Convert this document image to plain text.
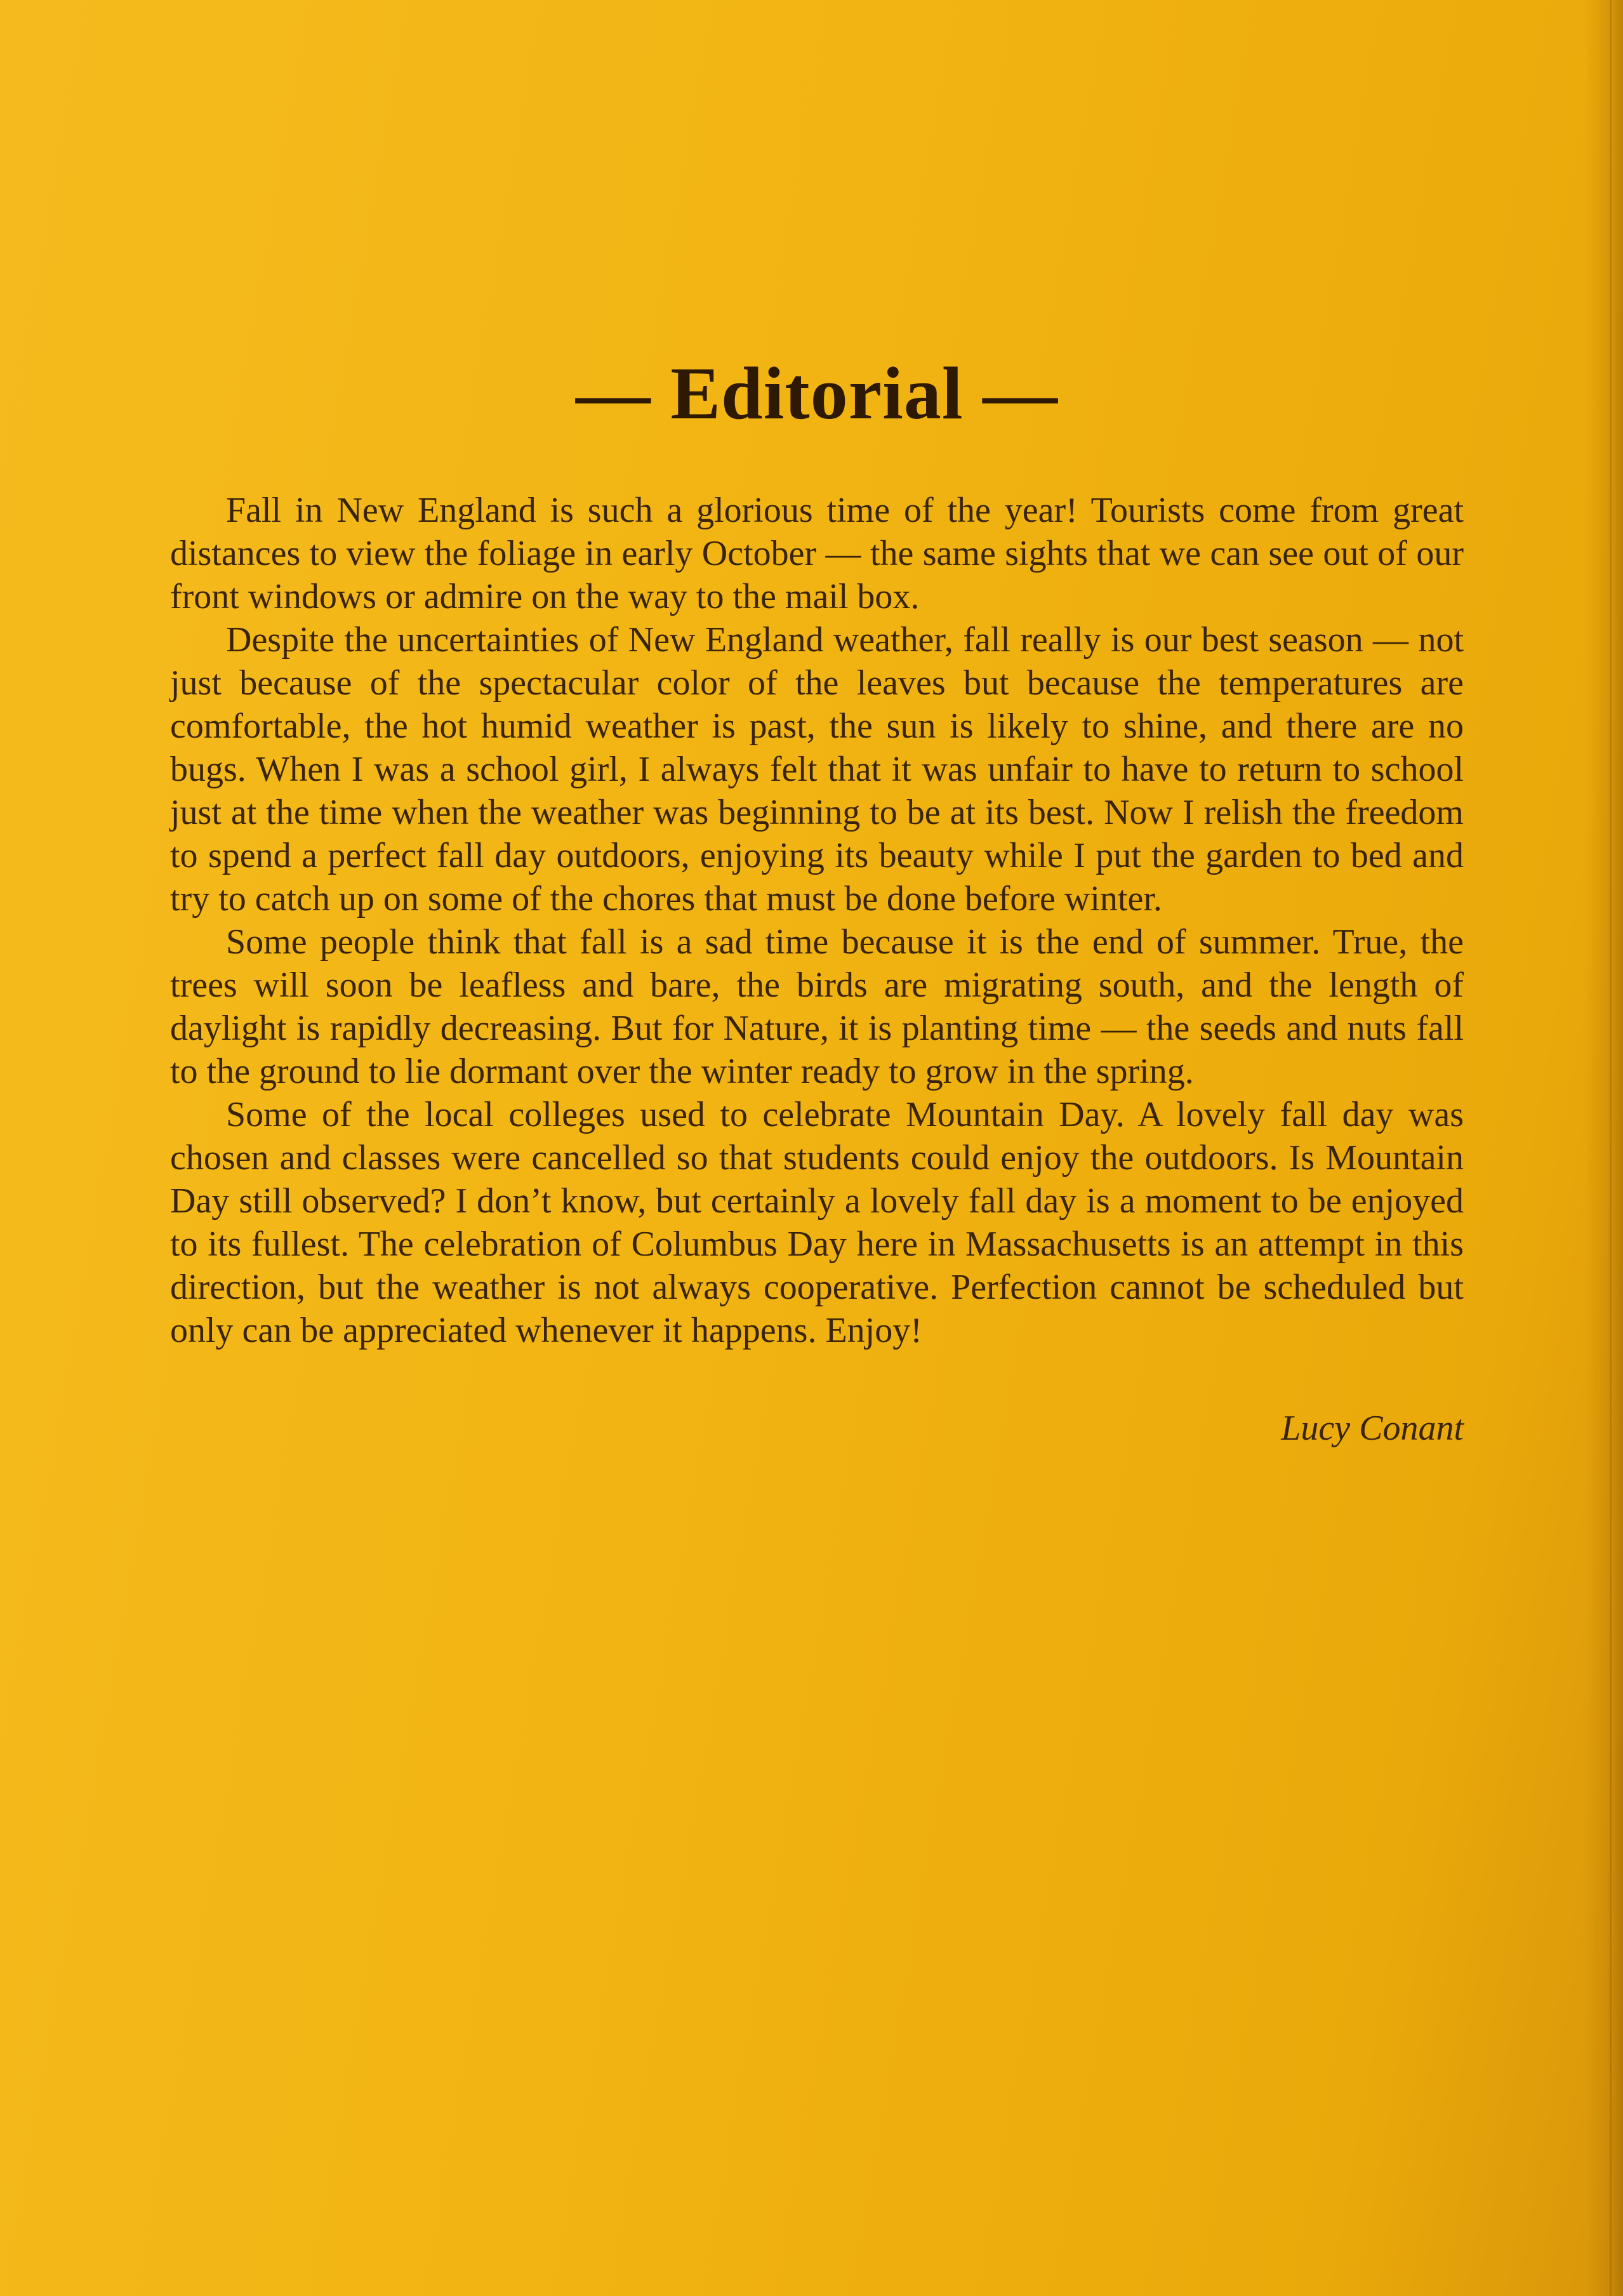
— Editorial —

Fall in New England is such a glorious time of the year! Tourists come from great distances to view the foliage in early October — the same sights that we can see out of our front windows or admire on the way to the mail box.

Despite the uncertainties of New England weather, fall really is our best season — not just because of the spectacular color of the leaves but because the temperatures are comfortable, the hot humid weather is past, the sun is likely to shine, and there are no bugs. When I was a school girl, I always felt that it was unfair to have to return to school just at the time when the weather was beginning to be at its best. Now I relish the freedom to spend a perfect fall day outdoors, enjoying its beauty while I put the garden to bed and try to catch up on some of the chores that must be done before winter.

Some people think that fall is a sad time because it is the end of summer. True, the trees will soon be leafless and bare, the birds are migrating south, and the length of daylight is rapidly decreasing. But for Nature, it is planting time — the seeds and nuts fall to the ground to lie dormant over the winter ready to grow in the spring.

Some of the local colleges used to celebrate Mountain Day. A lovely fall day was chosen and classes were cancelled so that students could enjoy the outdoors. Is Mountain Day still observed? I don’t know, but certainly a lovely fall day is a moment to be enjoyed to its fullest. The celebration of Columbus Day here in Massachusetts is an attempt in this direction, but the weather is not always cooperative. Perfection cannot be scheduled but only can be appreciated whenever it happens. Enjoy!

Lucy Conant
